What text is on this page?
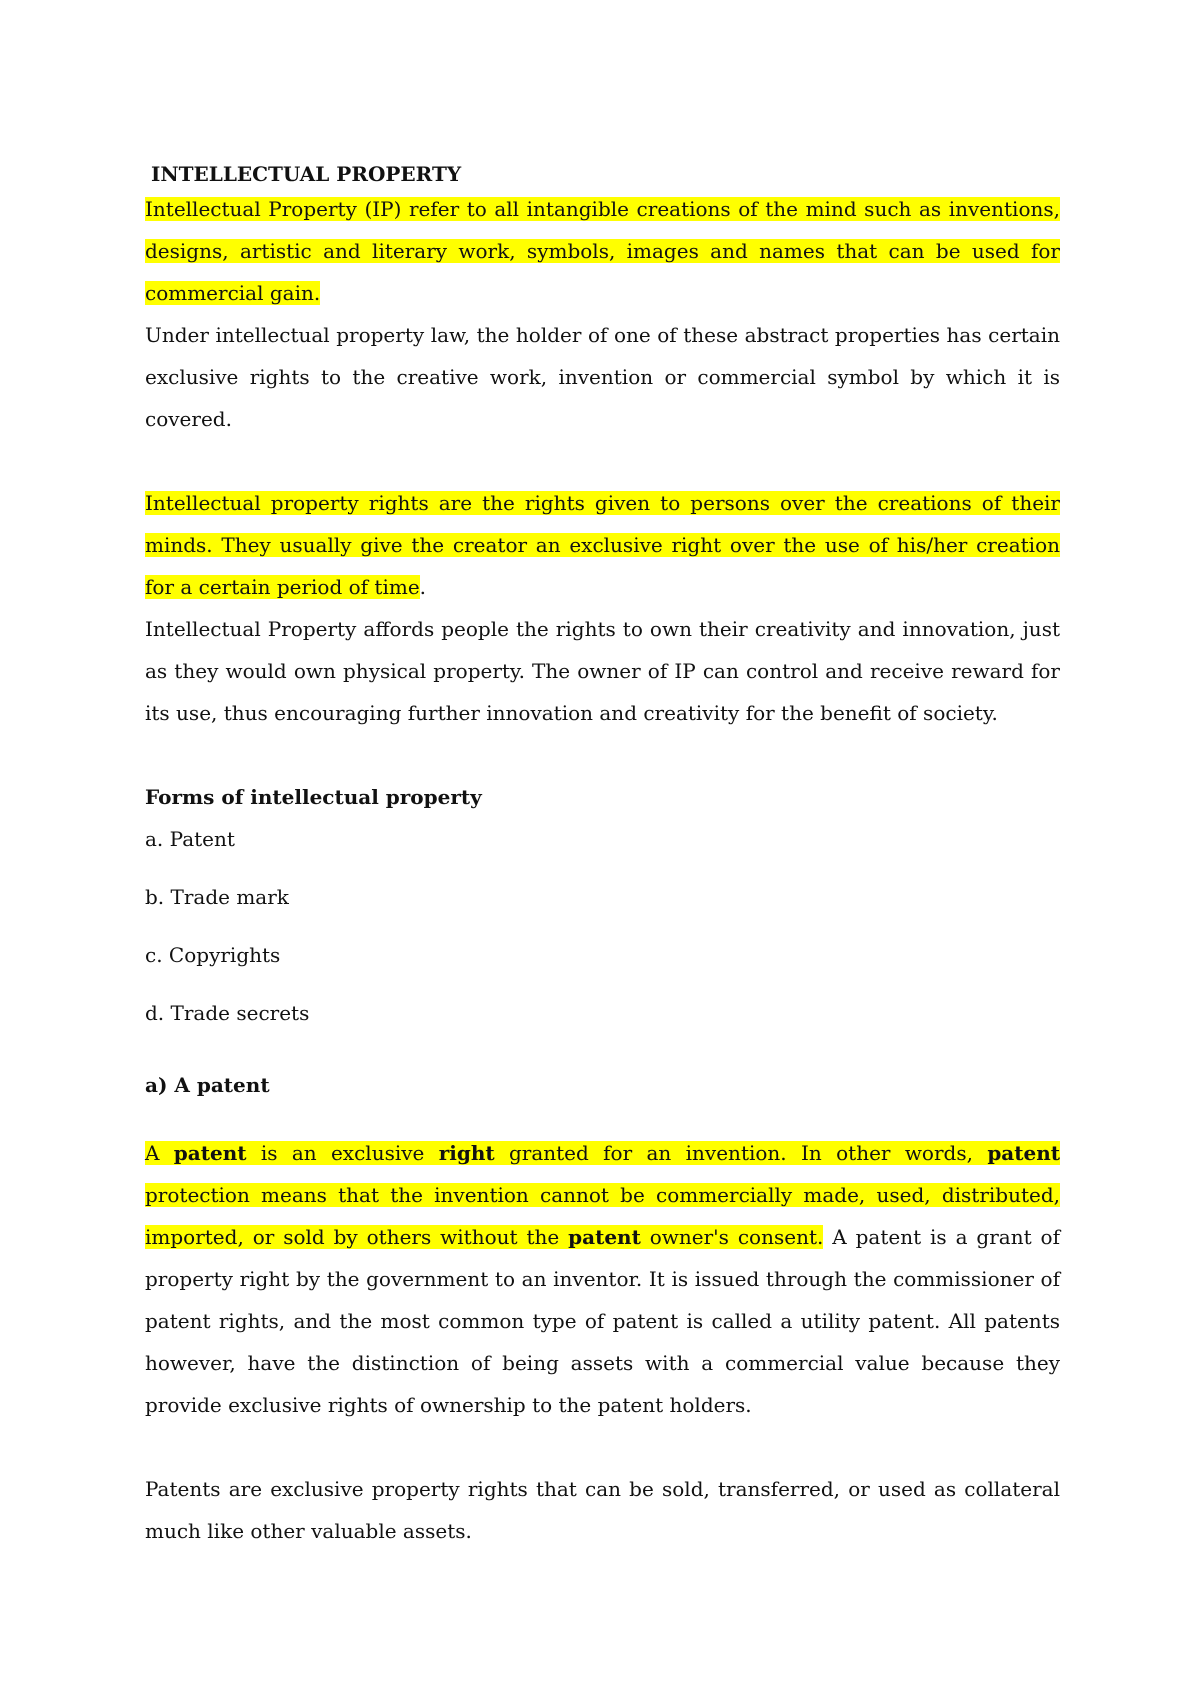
INTELLECTUAL PROPERTY

Intellectual Property (IP) refer to all intangible creations of the mind such as inventions, designs, artistic and literary work, symbols, images and names that can be used for commercial gain.

Under intellectual property law, the holder of one of these abstract properties has certain exclusive rights to the creative work, invention or commercial symbol by which it is covered.

Intellectual property rights are the rights given to persons over the creations of their minds. They usually give the creator an exclusive right over the use of his/her creation for a certain period of time.

Intellectual Property affords people the rights to own their creativity and innovation, just as they would own physical property. The owner of IP can control and receive reward for its use, thus encouraging further innovation and creativity for the benefit of society.

Forms of intellectual property
a. Patent
b. Trade mark
c. Copyrights
d. Trade secrets
a) A patent

A patent is an exclusive right granted for an invention. In other words, patent protection means that the invention cannot be commercially made, used, distributed, imported, or sold by others without the patent owner's consent. A patent is a grant of property right by the government to an inventor. It is issued through the commissioner of patent rights, and the most common type of patent is called a utility patent. All patents however, have the distinction of being assets with a commercial value because they provide exclusive rights of ownership to the patent holders.

Patents are exclusive property rights that can be sold, transferred, or used as collateral much like other valuable assets.
